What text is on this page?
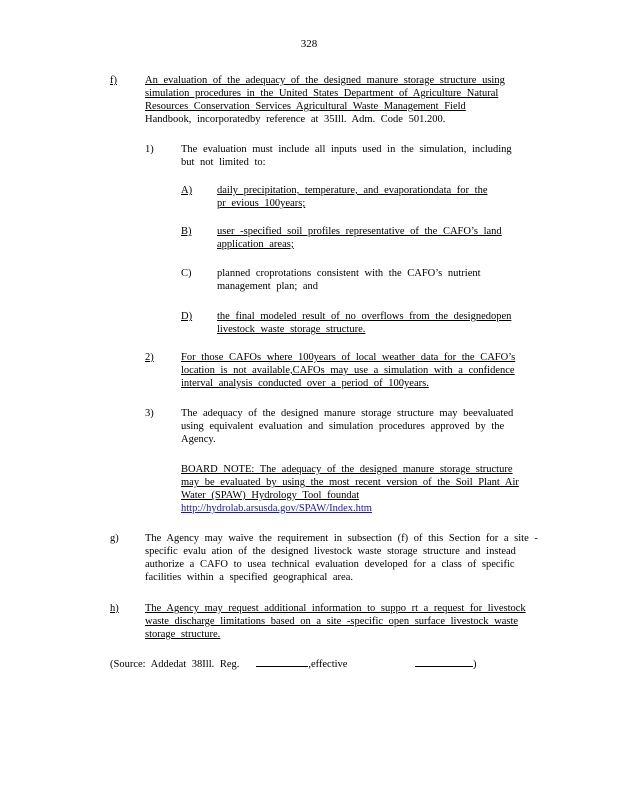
328
f)	An evaluation of the adequacy of the designed manure storage structure using
simulation procedures in the United States Department of Agriculture Natural
Resources Conservation Services Agricultural Waste Management Field
Handbook, incorporatedby reference at 35Ill. Adm. Code 501.200.
1)	The evaluation must include all inputs used in the simulation, including
but not limited to:
A) daily precipitation, temperature, and evaporationdata for the
pr evious 100years;
B) user -specified soil profiles representative of the CAFO’s land
application areas;
C) planned croprotations consistent with the CAFO’s nutrient
management plan; and
D) the final modeled result of no overflows from the designedopen
livestock waste storage structure.
2)	For those CAFOs where 100years of local weather data for the CAFO’s
location is not available,CAFOs may use a simulation with a confidence
interval analysis conducted over a period of 100years.
3)	The adequacy of the designed manure storage structure may beevaluated
using equivalent evaluation and simulation procedures approved by the
Agency.
BOARD NOTE: The adequacy of the designed manure storage structure
may be evaluated by using the most recent version of the Soil Plant Air
Water (SPAW) Hydrology Tool foundat
http://hydrolab.arsusda.gov/SPAW/Index.htm
g)	The Agency may waive the requirement in subsection (f) of this Section for a site -
specific evalu ation of the designed livestock waste storage structure and instead
authorize a CAFO to usea technical evaluation developed for a class of specific
facilities within a specified geographical area.
h)	The Agency may request additional information to suppo rt a request for livestock
waste discharge limitations based on a site -specific open surface livestock waste
storage structure.
(Source: Addedat 38Ill. Reg.	,effective	)
